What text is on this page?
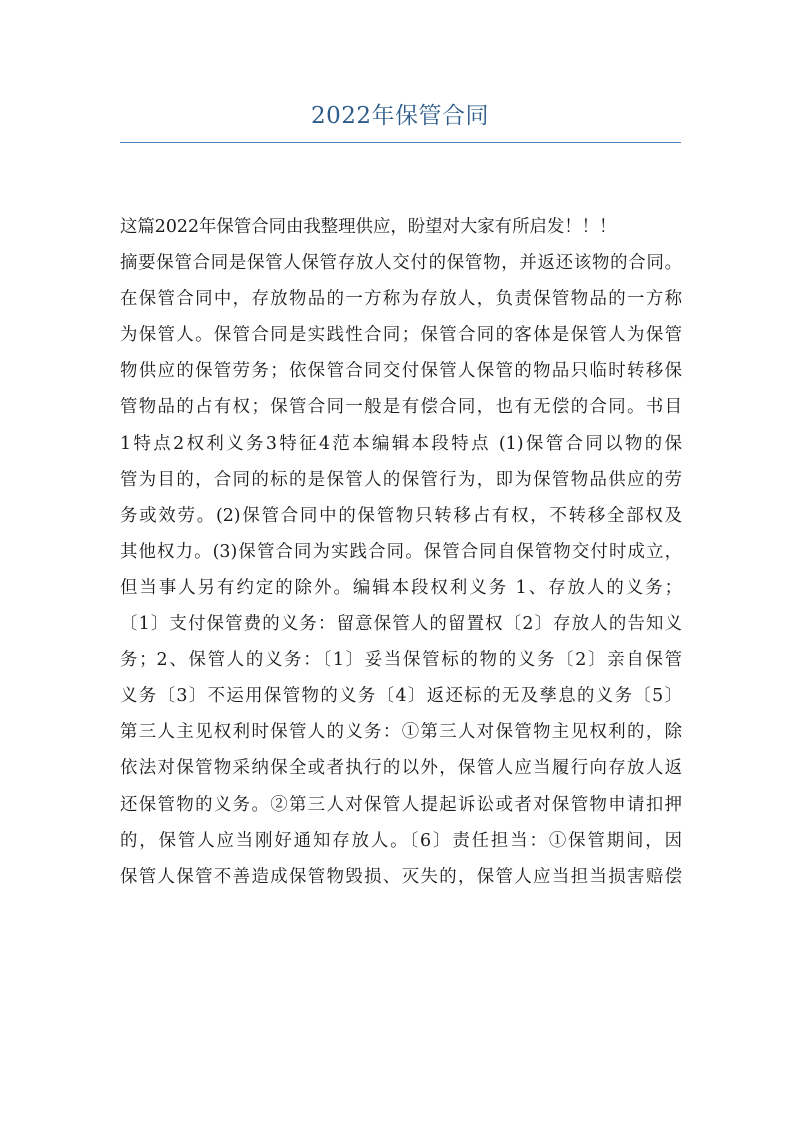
2022年保管合同
这篇2022年保管合同由我整理供应，盼望对大家有所启发！！！
摘要保管合同是保管人保管存放人交付的保管物，并返还该物的合同。
在保管合同中，存放物品的一方称为存放人，负责保管物品的一方称
为保管人。保管合同是实践性合同；保管合同的客体是保管人为保管
物供应的保管劳务；依保管合同交付保管人保管的物品只临时转移保
管物品的占有权；保管合同一般是有偿合同，也有无偿的合同。书目
1特点2权利义务3特征4范本编辑本段特点 (1)保管合同以物的保
管为目的，合同的标的是保管人的保管行为，即为保管物品供应的劳
务或效劳。(2)保管合同中的保管物只转移占有权，不转移全部权及
其他权力。(3)保管合同为实践合同。保管合同自保管物交付时成立，
但当事人另有约定的除外。编辑本段权利义务 1、存放人的义务；
〔1〕支付保管费的义务：留意保管人的留置权〔2〕存放人的告知义
务；2、保管人的义务：〔1〕妥当保管标的物的义务〔2〕亲自保管
义务〔3〕不运用保管物的义务〔4〕返还标的无及孳息的义务〔5〕
第三人主见权利时保管人的义务：①第三人对保管物主见权利的，除
依法对保管物采纳保全或者执行的以外，保管人应当履行向存放人返
还保管物的义务。②第三人对保管人提起诉讼或者对保管物申请扣押
的，保管人应当刚好通知存放人。〔6〕责任担当：①保管期间，因
保管人保管不善造成保管物毁损、灭失的，保管人应当担当损害赔偿
